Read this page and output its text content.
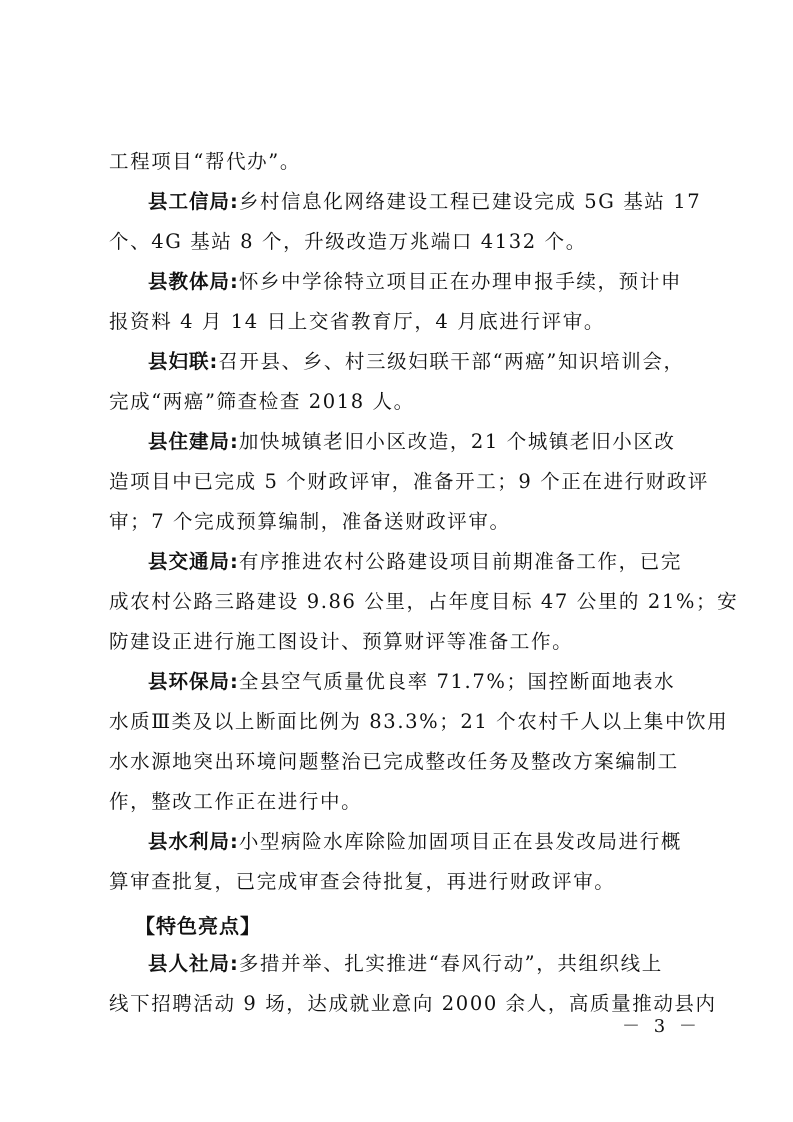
工程项目“帮代办”。
县工信局:乡村信息化网络建设工程已建设完成 5G 基站 17
个、4G 基站 8 个，升级改造万兆端口 4132 个。
县教体局:怀乡中学徐特立项目正在办理申报手续，预计申
报资料 4 月 14 日上交省教育厅，4 月底进行评审。
县妇联:召开县、乡、村三级妇联干部“两癌”知识培训会，
完成“两癌”筛查检查 2018 人。
县住建局:加快城镇老旧小区改造，21 个城镇老旧小区改
造项目中已完成 5 个财政评审，准备开工；9 个正在进行财政评
审；7 个完成预算编制，准备送财政评审。
县交通局:有序推进农村公路建设项目前期准备工作，已完
成农村公路三路建设 9.86 公里，占年度目标 47 公里的 21%；安
防建设正进行施工图设计、预算财评等准备工作。
县环保局:全县空气质量优良率 71.7%；国控断面地表水
水质Ⅲ类及以上断面比例为 83.3%；21 个农村千人以上集中饮用
水水源地突出环境问题整治已完成整改任务及整改方案编制工
作，整改工作正在进行中。
县水利局:小型病险水库除险加固项目正在县发改局进行概
算审查批复，已完成审查会待批复，再进行财政评审。
【特色亮点】
县人社局:多措并举、扎实推进“春风行动”，共组织线上
线下招聘活动 9 场，达成就业意向 2000 余人，高质量推动县内
－ 3 －
